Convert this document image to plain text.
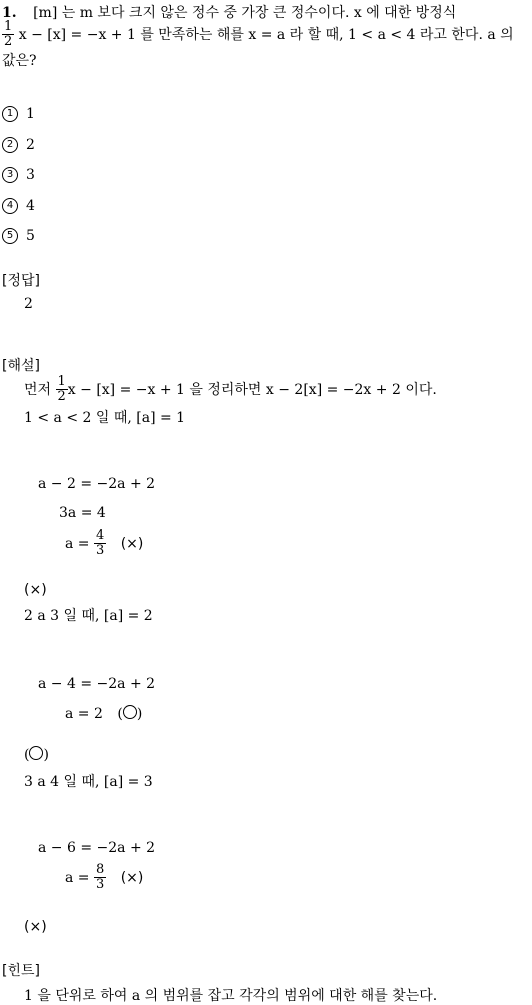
1. [m] 는 m 보다 크지 않은 정수 중 가장 큰 정수이다. x 에 대한 방정식
$\frac{1}{2}$ x − [x] = −x + 1 를 만족하는 해를 x = a 라 할 때, 1 < a < 4 라고 한다. a 의
값은?
1 1
2 2
3 3
4 4
5 5
[정답]
2
[해설]
먼저 $\frac{1}{2}$ x − [x] = −x + 1 을 정리하면 x − 2[x] = −2x + 2 이다.
1 < a < 2 일 때, [a] = 1
a − 2 = −2a + 2
3a = 4
$a = \frac{4}{3}$ (×)
(×)
2 a 3 일 때, [a] = 2
a − 4 = −2a + 2
a = 2 ( )
( )
3 a 4 일 때, [a] = 3
a − 6 = −2a + 2
$a = \frac{8}{3}$ (×)
(×)
[힌트]
1 을 단위로 하여 a 의 범위를 잡고 각각의 범위에 대한 해를 찾는다.
